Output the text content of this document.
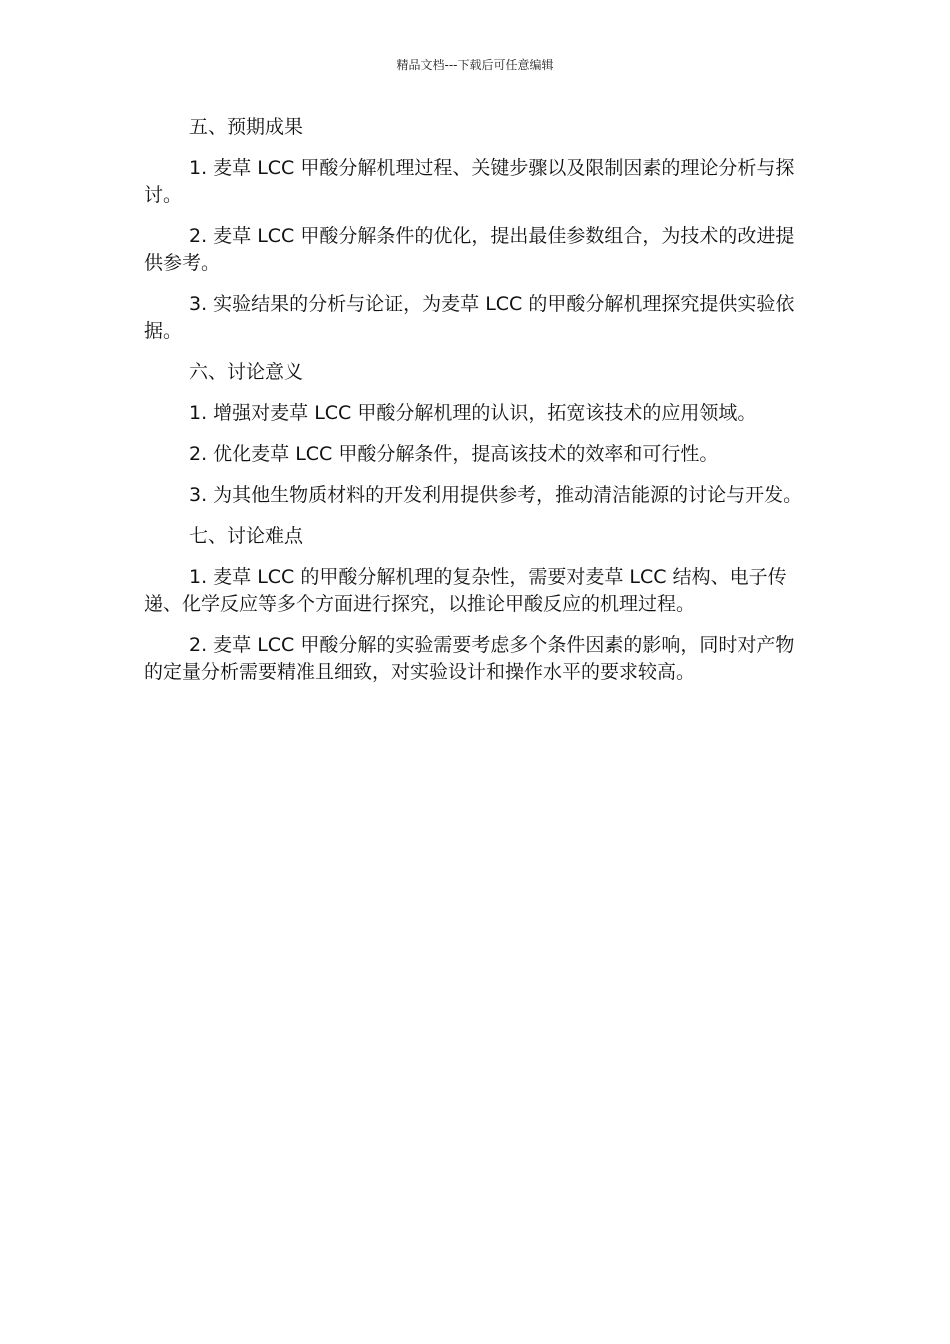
精品文档---下载后可任意编辑

五、预期成果

1. 麦草 LCC 甲酸分解机理过程、关键步骤以及限制因素的理论分析与探讨。

2. 麦草 LCC 甲酸分解条件的优化，提出最佳参数组合，为技术的改进提供参考。

3. 实验结果的分析与论证，为麦草 LCC 的甲酸分解机理探究提供实验依据。

六、讨论意义

1. 增强对麦草 LCC 甲酸分解机理的认识，拓宽该技术的应用领域。

2. 优化麦草 LCC 甲酸分解条件，提高该技术的效率和可行性。

3. 为其他生物质材料的开发利用提供参考，推动清洁能源的讨论与开发。

七、讨论难点

1. 麦草 LCC 的甲酸分解机理的复杂性，需要对麦草 LCC 结构、电子传递、化学反应等多个方面进行探究，以推论甲酸反应的机理过程。

2. 麦草 LCC 甲酸分解的实验需要考虑多个条件因素的影响，同时对产物的定量分析需要精准且细致，对实验设计和操作水平的要求较高。
